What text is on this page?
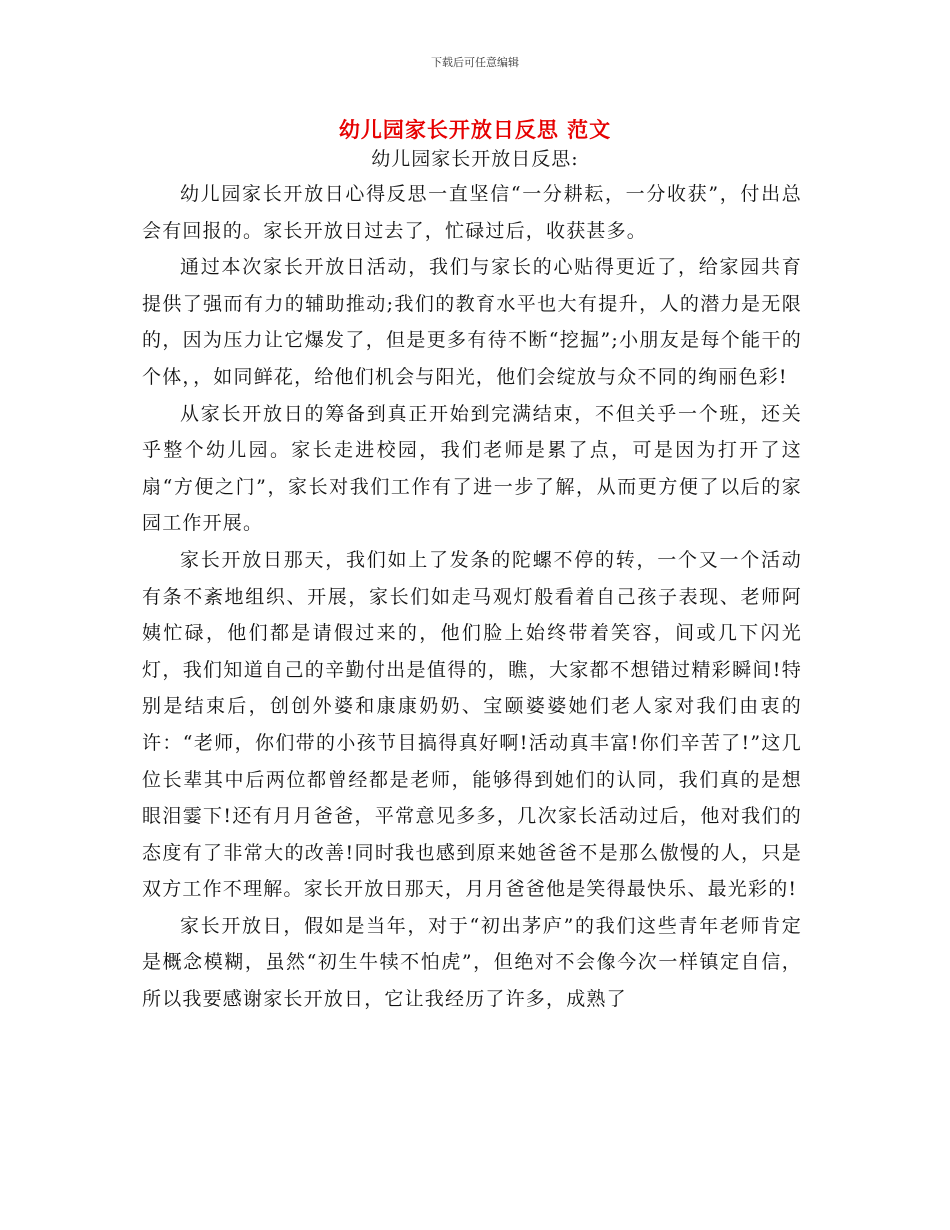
下载后可任意编辑
幼儿园家长开放日反思 范文
幼儿园家长开放日反思:

幼儿园家长开放日心得反思一直坚信“一分耕耘，一分收获”，付出总会有回报的。家长开放日过去了，忙碌过后，收获甚多。

通过本次家长开放日活动，我们与家长的心贴得更近了，给家园共育提供了强而有力的辅助推动;我们的教育水平也大有提升，人的潜力是无限的，因为压力让它爆发了，但是更多有待不断“挖掘”;小朋友是每个能干的个体，，如同鲜花，给他们机会与阳光，他们会绽放与众不同的绚丽色彩!

从家长开放日的筹备到真正开始到完满结束，不但关乎一个班，还关乎整个幼儿园。家长走进校园，我们老师是累了点，可是因为打开了这扇“方便之门”，家长对我们工作有了进一步了解，从而更方便了以后的家园工作开展。

家长开放日那天，我们如上了发条的陀螺不停的转，一个又一个活动有条不紊地组织、开展，家长们如走马观灯般看着自己孩子表现、老师阿姨忙碌，他们都是请假过来的，他们脸上始终带着笑容，间或几下闪光灯，我们知道自己的辛勤付出是值得的，瞧，大家都不想错过精彩瞬间!特别是结束后，创创外婆和康康奶奶、宝颐婆婆她们老人家对我们由衷的许：“老师，你们带的小孩节目搞得真好啊!活动真丰富!你们辛苦了!”这几位长辈其中后两位都曾经都是老师，能够得到她们的认同，我们真的是想眼泪霎下!还有月月爸爸，平常意见多多，几次家长活动过后，他对我们的态度有了非常大的改善!同时我也感到原来她爸爸不是那么傲慢的人，只是双方工作不理解。家长开放日那天，月月爸爸他是笑得最快乐、最光彩的!

家长开放日，假如是当年，对于“初出茅庐”的我们这些青年老师肯定是概念模糊，虽然“初生牛犊不怕虎”，但绝对不会像今次一样镇定自信，所以我要感谢家长开放日，它让我经历了许多，成熟了
